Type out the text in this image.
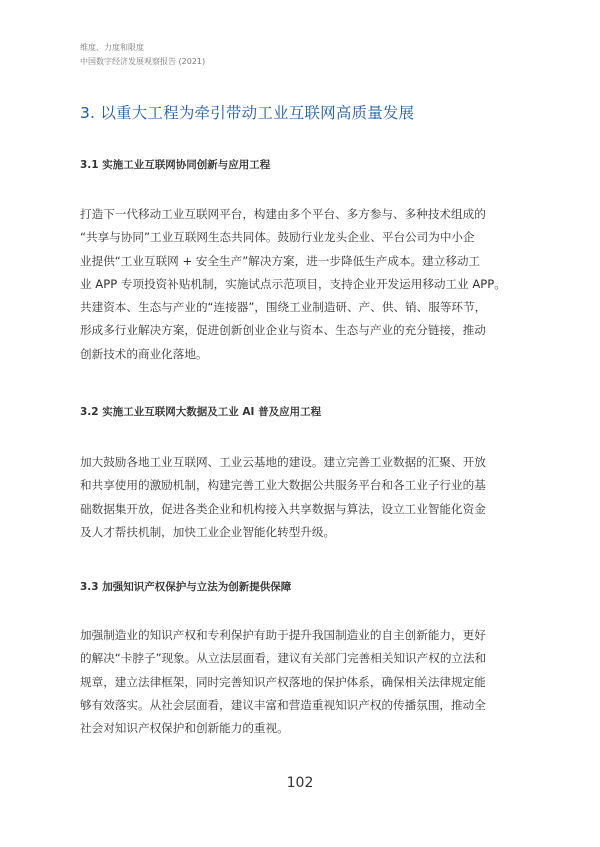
维度、力度和限度
中国数字经济发展观察报告 (2021)
3. 以重大工程为牵引带动工业互联网高质量发展
3.1 实施工业互联网协同创新与应用工程
打造下一代移动工业互联网平台，构建由多个平台、多方参与、多种技术组成的
“共享与协同”工业互联网生态共同体。鼓励行业龙头企业、平台公司为中小企
业提供“工业互联网 + 安全生产”解决方案，进一步降低生产成本。建立移动工
业 APP 专项投资补贴机制，实施试点示范项目，支持企业开发运用移动工业 APP。
共建资本、生态与产业的“连接器”，围绕工业制造研、产、供、销、服等环节，
形成多行业解决方案，促进创新创业企业与资本、生态与产业的充分链接，推动
创新技术的商业化落地。
3.2 实施工业互联网大数据及工业 AI 普及应用工程
加大鼓励各地工业互联网、工业云基地的建设。建立完善工业数据的汇聚、开放
和共享使用的激励机制，构建完善工业大数据公共服务平台和各工业子行业的基
础数据集开放，促进各类企业和机构接入共享数据与算法，设立工业智能化资金
及人才帮扶机制，加快工业企业智能化转型升级。
3.3 加强知识产权保护与立法为创新提供保障
加强制造业的知识产权和专利保护有助于提升我国制造业的自主创新能力，更好
的解决“卡脖子”现象。从立法层面看，建议有关部门完善相关知识产权的立法和
规章，建立法律框架，同时完善知识产权落地的保护体系，确保相关法律规定能
够有效落实。从社会层面看，建议丰富和营造重视知识产权的传播氛围，推动全
社会对知识产权保护和创新能力的重视。
102
